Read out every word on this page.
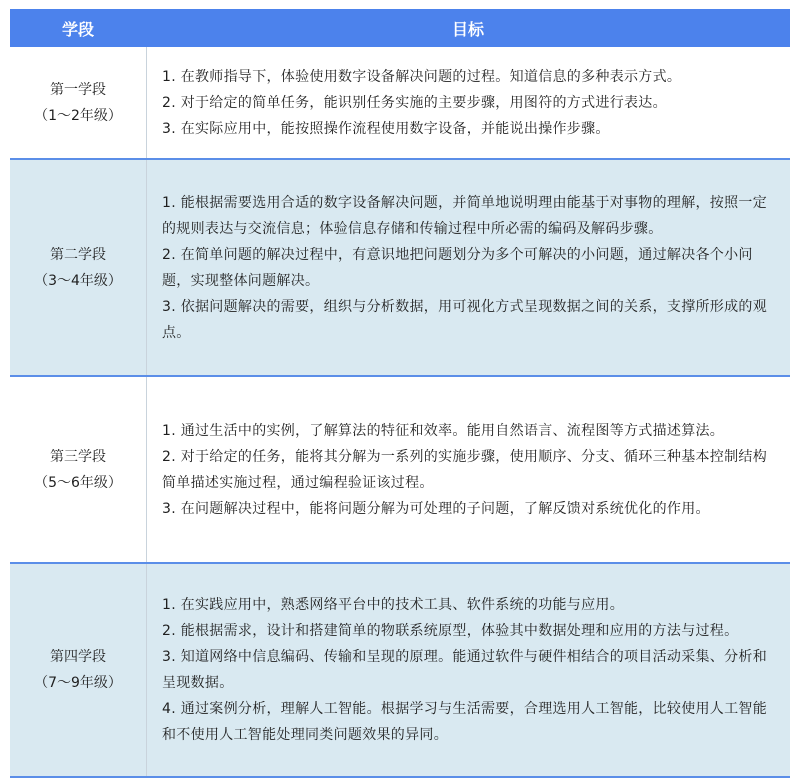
学段	目标
第一学段
（1～2年级）

1. 在教师指导下，体验使用数字设备解决问题的过程。知道信息的多种表示方式。

2. 对于给定的简单任务，能识别任务实施的主要步骤，用图符的方式进行表达。

3. 在实际应用中，能按照操作流程使用数字设备，并能说出操作步骤。

第二学段
（3～4年级）

1. 能根据需要选用合适的数字设备解决问题，并简单地说明理由能基于对事物的理解，按照一定的规则表达与交流信息；体验信息存储和传输过程中所必需的编码及解码步骤。

2. 在简单问题的解决过程中，有意识地把问题划分为多个可解决的小问题，通过解决各个小问题，实现整体问题解决。

3. 依据问题解决的需要，组织与分析数据，用可视化方式呈现数据之间的关系，支撑所形成的观点。

第三学段
（5～6年级）

1. 通过生活中的实例，了解算法的特征和效率。能用自然语言、流程图等方式描述算法。

2. 对于给定的任务，能将其分解为一系列的实施步骤，使用顺序、分支、循环三种基本控制结构简单描述实施过程，通过编程验证该过程。

3. 在问题解决过程中，能将问题分解为可处理的子问题，了解反馈对系统优化的作用。

第四学段
（7～9年级）

1. 在实践应用中，熟悉网络平台中的技术工具、软件系统的功能与应用。

2. 能根据需求，设计和搭建简单的物联系统原型，体验其中数据处理和应用的方法与过程。

3. 知道网络中信息编码、传输和呈现的原理。能通过软件与硬件相结合的项目活动采集、分析和呈现数据。

4. 通过案例分析，理解人工智能。根据学习与生活需要，合理选用人工智能，比较使用人工智能和不使用人工智能处理同类问题效果的异同。
